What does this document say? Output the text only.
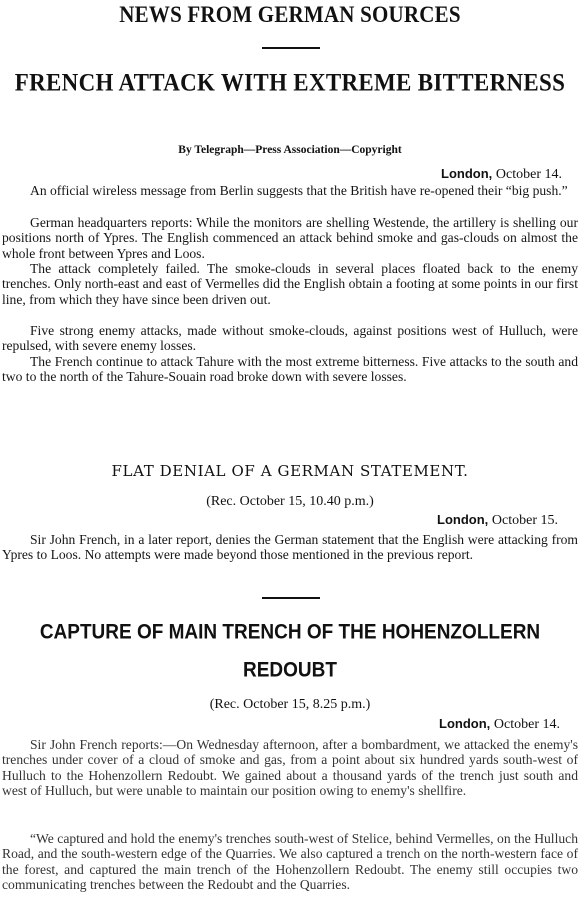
NEWS FROM GERMAN SOURCES
FRENCH ATTACK WITH EXTREME BITTERNESS
By Telegraph—Press Association—Copyright
London, October 14.
An official wireless message from Berlin suggests that the British have re-opened their “big push.”
German headquarters reports: While the monitors are shelling Westende, the artillery is shelling our positions north of Ypres. The English commenced an attack behind smoke and gas-clouds on almost the whole front between Ypres and Loos.
The attack completely failed. The smoke-clouds in several places floated back to the enemy trenches. Only north-east and east of Vermelles did the English obtain a footing at some points in our first line, from which they have since been driven out.
Five strong enemy attacks, made without smoke-clouds, against positions west of Hulluch, were repulsed, with severe enemy losses.
The French continue to attack Tahure with the most extreme bitterness. Five attacks to the south and two to the north of the Tahure-Souain road broke down with severe losses.
FLAT DENIAL OF A GERMAN STATEMENT.
(Rec. October 15, 10.40 p.m.)
London, October 15.
Sir John French, in a later report, denies the German statement that the English were attacking from Ypres to Loos. No attempts were made beyond those mentioned in the previous report.
CAPTURE OF MAIN TRENCH OF THE HOHENZOLLERN
REDOUBT
(Rec. October 15, 8.25 p.m.)
London, October 14.
Sir John French reports:—On Wednesday afternoon, after a bombardment, we attacked the enemy's trenches under cover of a cloud of smoke and gas, from a point about six hundred yards south-west of Hulluch to the Hohenzollern Redoubt. We gained about a thousand yards of the trench just south and west of Hulluch, but were unable to maintain our position owing to enemy's shellfire.
“We captured and hold the enemy's trenches south-west of Stelice, behind Vermelles, on the Hulluch Road, and the south-western edge of the Quarries. We also captured a trench on the north-western face of the forest, and captured the main trench of the Hohenzollern Redoubt. The enemy still occupies two communicating trenches between the Redoubt and the Quarries.
